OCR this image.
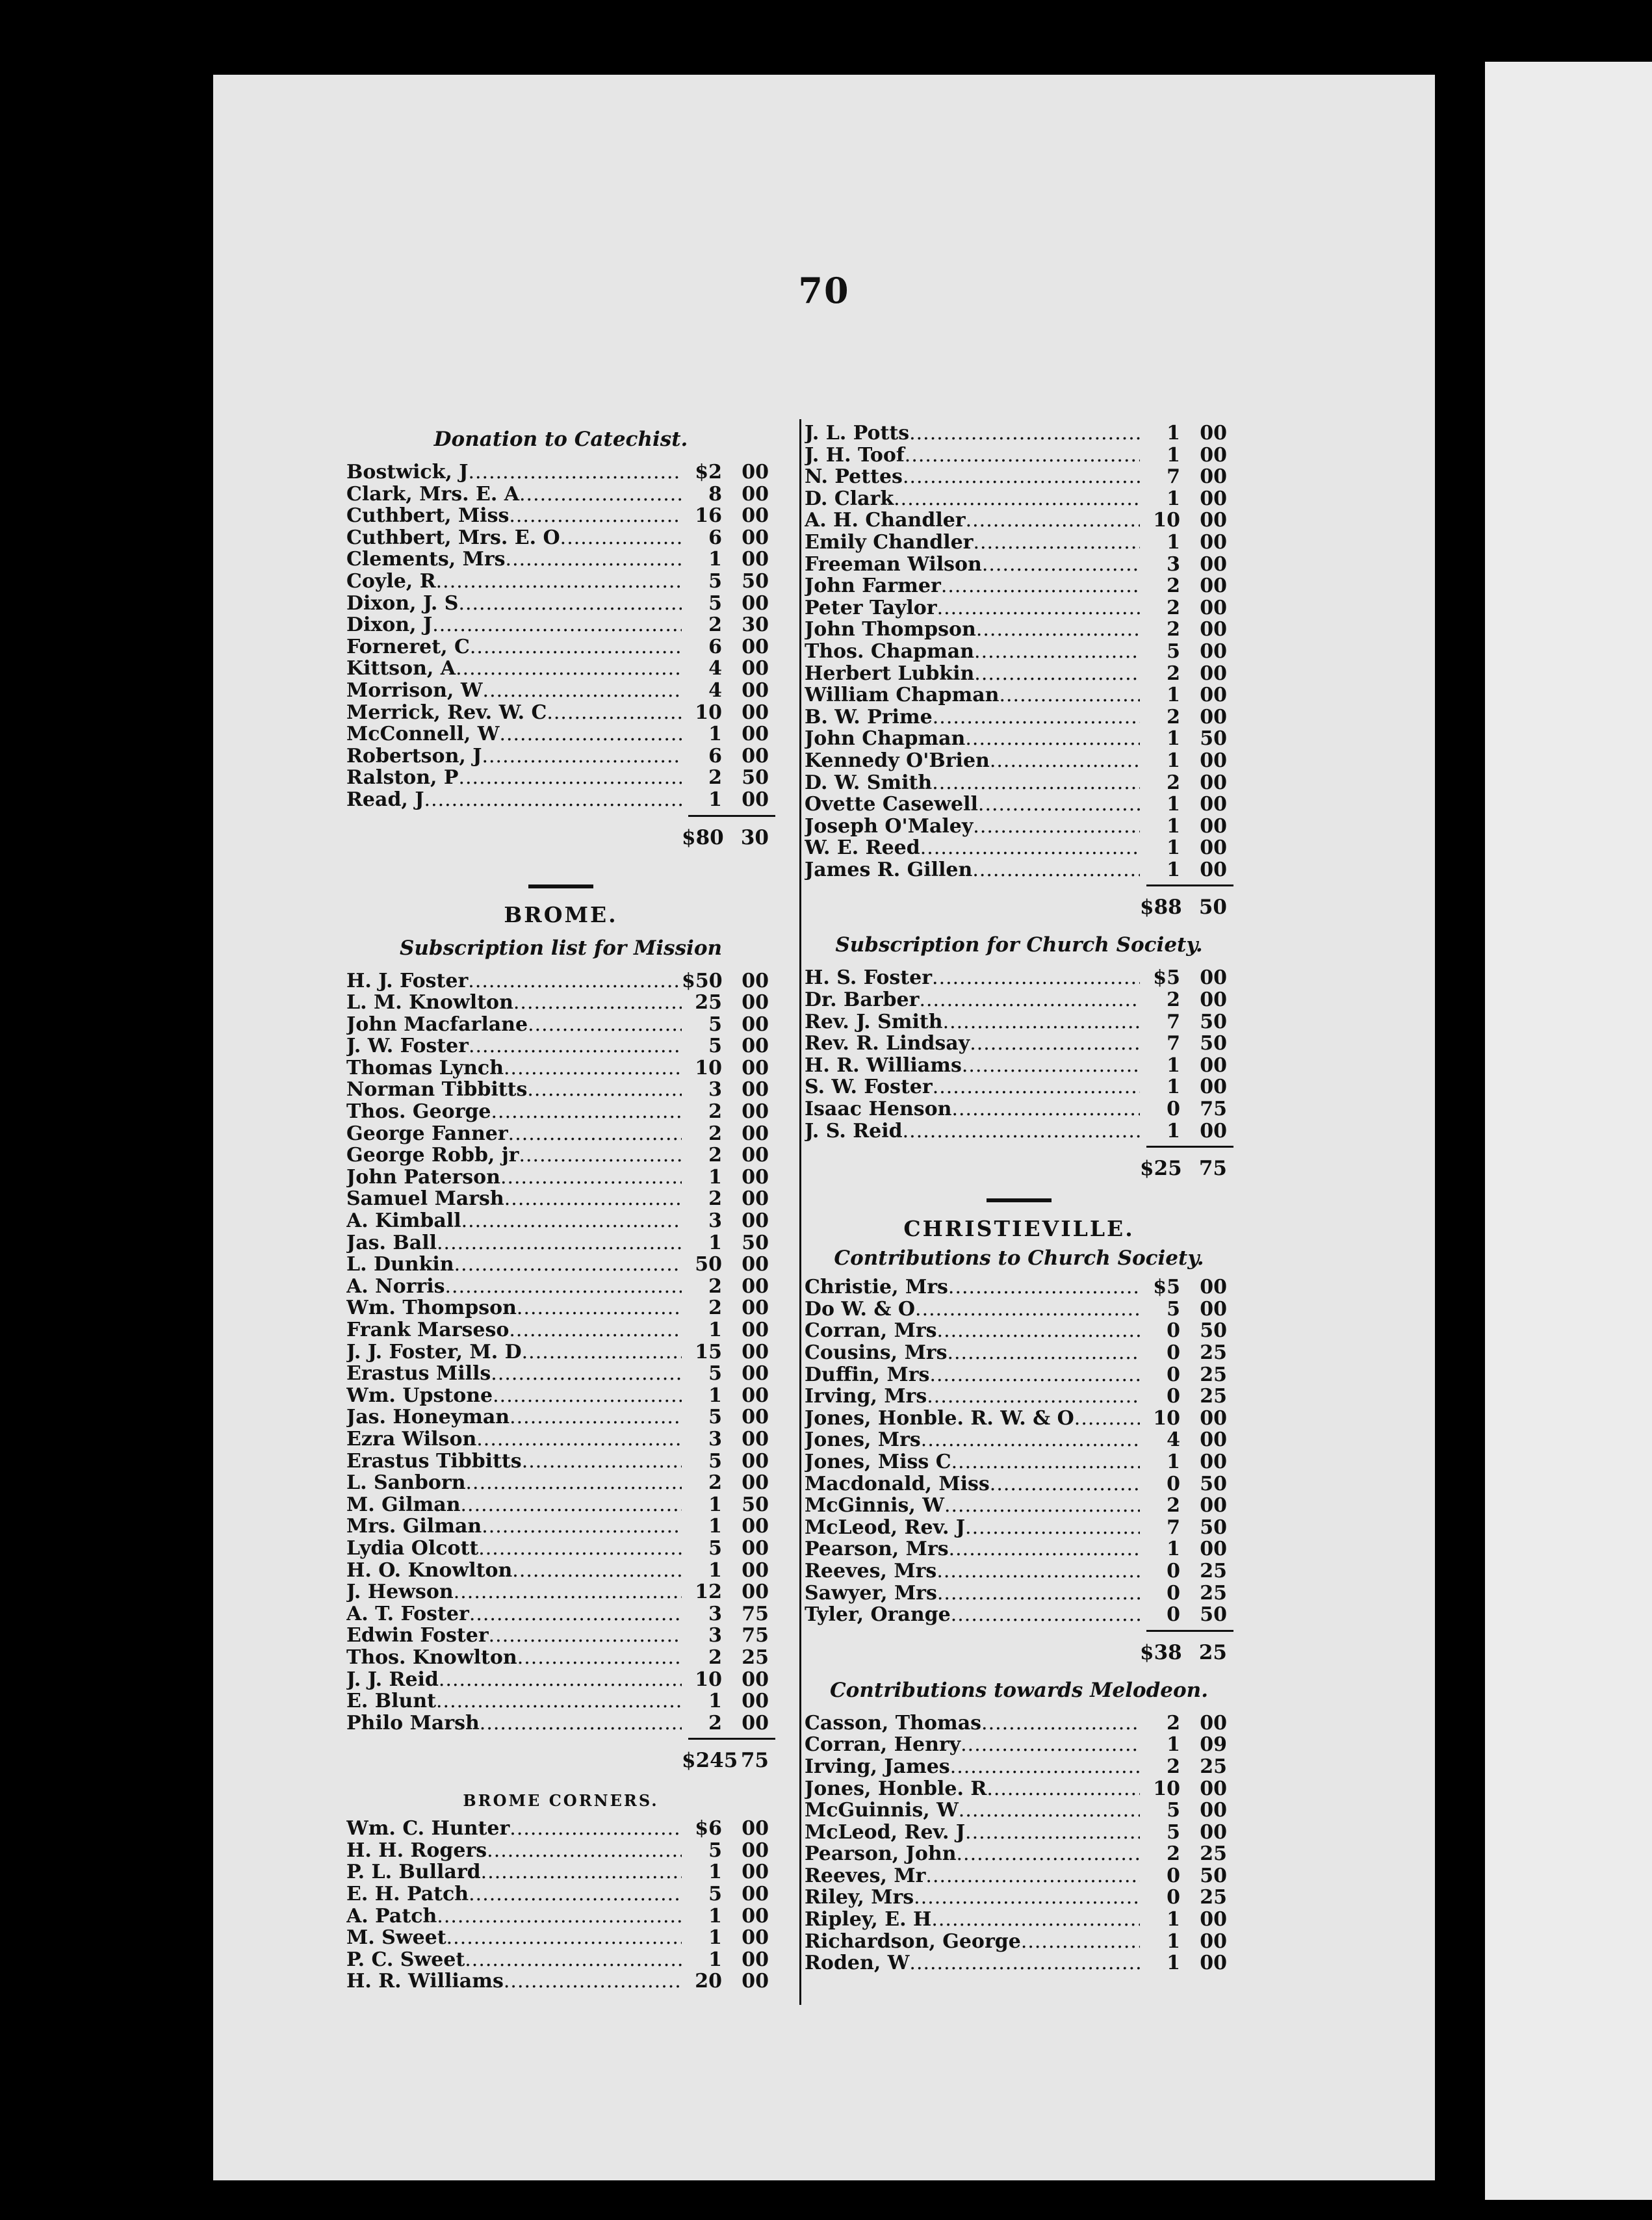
70
Donation to Catechist.
Bostwick, J .....	$2	00
Clark, Mrs. E. A .....	8	00
Cuthbert, Miss .....	16	00
Cuthbert, Mrs. E. O .....	6	00
Clements, Mrs .....	1	00
Coyle, R .....	5	50
Dixon, J. S .....	5	00
Dixon, J .....	2	30
Forneret, C .....	6	00
Kittson, A .....	4	00
Morrison, W .....	4	00
Merrick, Rev. W. C .....	10	00
McConnell, W .....	1	00
Robertson, J .....	6	00
Ralston, P .....	2	50
Read, J .....	1	00
$80 30
BROME.
Subscription list for Mission
H. J. Foster .....	$50 00
L. M. Knowlton .....	25	00
John Macfarlane .....	5	00
J. W. Foster .....	5	00
Thomas Lynch .....	10	00
Norman Tibbitts .....	3	00
Thos. George .....	2	00
George Fanner .....	2	00
George Robb, jr .....	2	00
John Paterson .....	1	00
Samuel Marsh .....	2	00
A. Kimball .....	3	00
Jas. Ball .....	1	50
L. Dunkin .....	50	00
A. Norris .....	2	00
Wm. Thompson .....	2	00
Frank Marseso .....	1	00
J. J. Foster, M. D .....	15	00
Erastus Mills .....	5	00
Wm. Upstone .....	1	00
Jas. Honeyman .....	5	00
Ezra Wilson .....	3	00
Erastus Tibbitts .....	5	00
L. Sanborn .....	2	00
M. Gilman .....	1	50
Mrs. Gilman .....	1	00
Lydia Olcott .....	5	00
H. O. Knowlton .....	1	00
J. Hewson .....	12	00
A. T. Foster .....	3	75
Edwin Foster .....	3	75
Thos. Knowlton .....	2	25
J. J. Reid .....	10	00
E. Blunt .....	1	00
Philo Marsh .....	2	00
$245 75
BROME CORNERS.
Wm. C. Hunter .....	$6	00
H. H. Rogers .....	5	00
P. L. Bullard .....	1	00
E. H. Patch .....	5	00
A. Patch .....	1	00
M. Sweet .....	1	00
P. C. Sweet .....	1	00
H. R. Williams .....	20	00
J. L. Potts .....	1	00
J. H. Toof .....	1	00
N. Pettes .....	7	00
D. Clark .....	1	00
A. H. Chandler .....	10	00
Emily Chandler .....	1	00
Freeman Wilson .....	3	00
John Farmer .....	2	00
Peter Taylor .....	2	00
John Thompson .....	2	00
Thos. Chapman .....	5	00
Herbert Lubkin .....	2	00
William Chapman .....	1	00
B. W. Prime .....	2	00
John Chapman .....	1	50
Kennedy O'Brien .....	1	00
D. W. Smith .....	2	00
Ovette Casewell .....	1	00
Joseph O'Maley .....	1	00
W. E. Reed .....	1	00
James R. Gillen .....	1	00
$88 50
Subscription for Church Society.
H. S. Foster .....	$5	00
Dr. Barber .....	2	00
Rev. J. Smith .....	7	50
Rev. R. Lindsay .....	7	50
H. R. Williams .....	1	00
S. W. Foster .....	1	00
Isaac Henson .....	0	75
J. S. Reid .....	1	00
$25 75
CHRISTIEVILLE.
Contributions to Church Society.
Christie, Mrs .....	$5	00
Do W. & O .....	5	00
Corran, Mrs .....	0	50
Cousins, Mrs .....	0	25
Duffin, Mrs .....	0	25
Irving, Mrs .....	0	25
Jones, Honble. R. W. & O .....	10	00
Jones, Mrs .....	4	00
Jones, Miss C .....	1	00
Macdonald, Miss .....	0	50
McGinnis, W .....	2	00
McLeod, Rev. J .....	7	50
Pearson, Mrs .....	1	00
Reeves, Mrs .....	0	25
Sawyer, Mrs .....	0	25
Tyler, Orange .....	0	50
$38 25
Contributions towards Melodeon.
Casson, Thomas .....	2	00
Corran, Henry .....	1	09
Irving, James .....	2	25
Jones, Honble. R .....	10	00
McGuinnis, W .....	5	00
McLeod, Rev. J .....	5	00
Pearson, John .....	2	25
Reeves, Mr .....	0	50
Riley, Mrs .....	0	25
Ripley, E. H .....	1	00
Richardson, George .....	1	00
Roden, W .....	1	00
